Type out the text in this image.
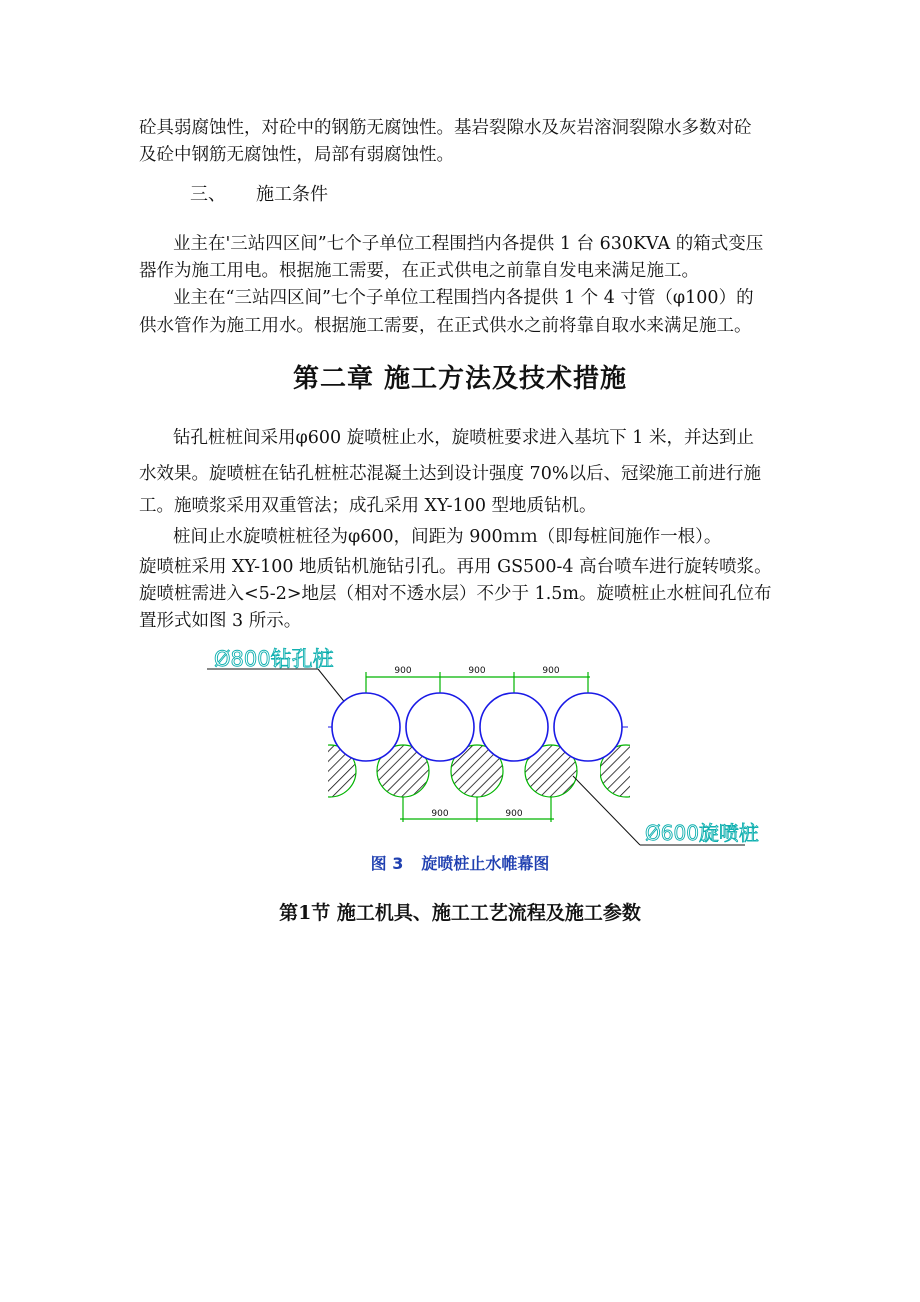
砼具弱腐蚀性，对砼中的钢筋无腐蚀性。基岩裂隙水及灰岩溶洞裂隙水多数对砼
及砼中钢筋无腐蚀性，局部有弱腐蚀性。
三、 施工条件
业主在'三站四区间”七个子单位工程围挡内各提供 1 台 630KVA 的箱式变压
器作为施工用电。根据施工需要，在正式供电之前靠自发电来满足施工。
业主在“三站四区间”七个子单位工程围挡内各提供 1 个 4 寸管（φ100）的
供水管作为施工用水。根据施工需要，在正式供水之前将靠自取水来满足施工。
第二章 施工方法及技术措施
钻孔桩桩间采用φ600 旋喷桩止水，旋喷桩要求进入基坑下 1 米，并达到止
水效果。旋喷桩在钻孔桩桩芯混凝土达到设计强度 70%以后、冠梁施工前进行施
工。施喷浆采用双重管法；成孔采用 XY-100 型地质钻机。
桩间止水旋喷桩桩径为φ600，间距为 900ｍｍ（即每桩间施作一根）。
旋喷桩采用 XY-100 地质钻机施钻引孔。再用 GS500-4 高台喷车进行旋转喷浆。
旋喷桩需进入<5-2>地层（相对不透水层）不少于 1.5m。旋喷桩止水桩间孔位布
置形式如图 3 所示。
Ø800钻孔桩	900	900	900
900	900
Ø600旋喷桩
图 3 旋喷桩止水帷幕图
第1节 施工机具、施工工艺流程及施工参数
